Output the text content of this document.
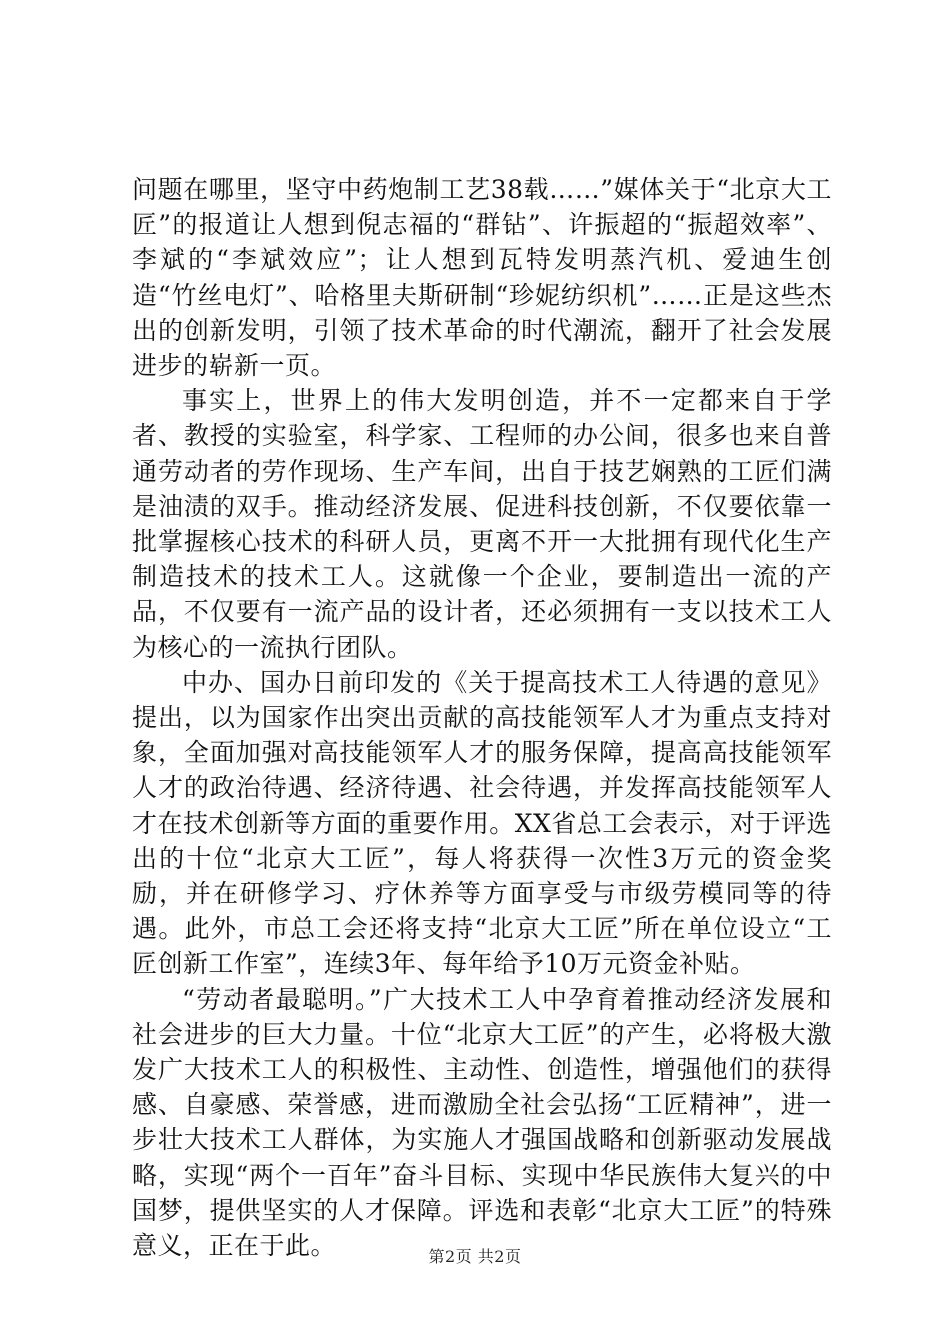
问题在哪里，坚守中药炮制工艺38载……”媒体关于“北京大工匠”的报道让人想到倪志福的“群钻”、许振超的“振超效率”、李斌的“李斌效应”；让人想到瓦特发明蒸汽机、爱迪生创造“竹丝电灯”、哈格里夫斯研制“珍妮纺织机”……正是这些杰出的创新发明，引领了技术革命的时代潮流，翻开了社会发展进步的崭新一页。

事实上，世界上的伟大发明创造，并不一定都来自于学者、教授的实验室，科学家、工程师的办公间，很多也来自普通劳动者的劳作现场、生产车间，出自于技艺娴熟的工匠们满是油渍的双手。推动经济发展、促进科技创新，不仅要依靠一批掌握核心技术的科研人员，更离不开一大批拥有现代化生产制造技术的技术工人。这就像一个企业，要制造出一流的产品，不仅要有一流产品的设计者，还必须拥有一支以技术工人为核心的一流执行团队。

中办、国办日前印发的《关于提高技术工人待遇的意见》提出，以为国家作出突出贡献的高技能领军人才为重点支持对象，全面加强对高技能领军人才的服务保障，提高高技能领军人才的政治待遇、经济待遇、社会待遇，并发挥高技能领军人才在技术创新等方面的重要作用。XX省总工会表示，对于评选出的十位“北京大工匠”，每人将获得一次性3万元的资金奖励，并在研修学习、疗休养等方面享受与市级劳模同等的待遇。此外，市总工会还将支持“北京大工匠”所在单位设立“工匠创新工作室”，连续3年、每年给予10万元资金补贴。

“劳动者最聪明。”广大技术工人中孕育着推动经济发展和社会进步的巨大力量。十位“北京大工匠”的产生，必将极大激发广大技术工人的积极性、主动性、创造性，增强他们的获得感、自豪感、荣誉感，进而激励全社会弘扬“工匠精神”，进一步壮大技术工人群体，为实施人才强国战略和创新驱动发展战略，实现“两个一百年”奋斗目标、实现中华民族伟大复兴的中国梦，提供坚实的人才保障。评选和表彰“北京大工匠”的特殊意义，正在于此。	第2页 共2页
